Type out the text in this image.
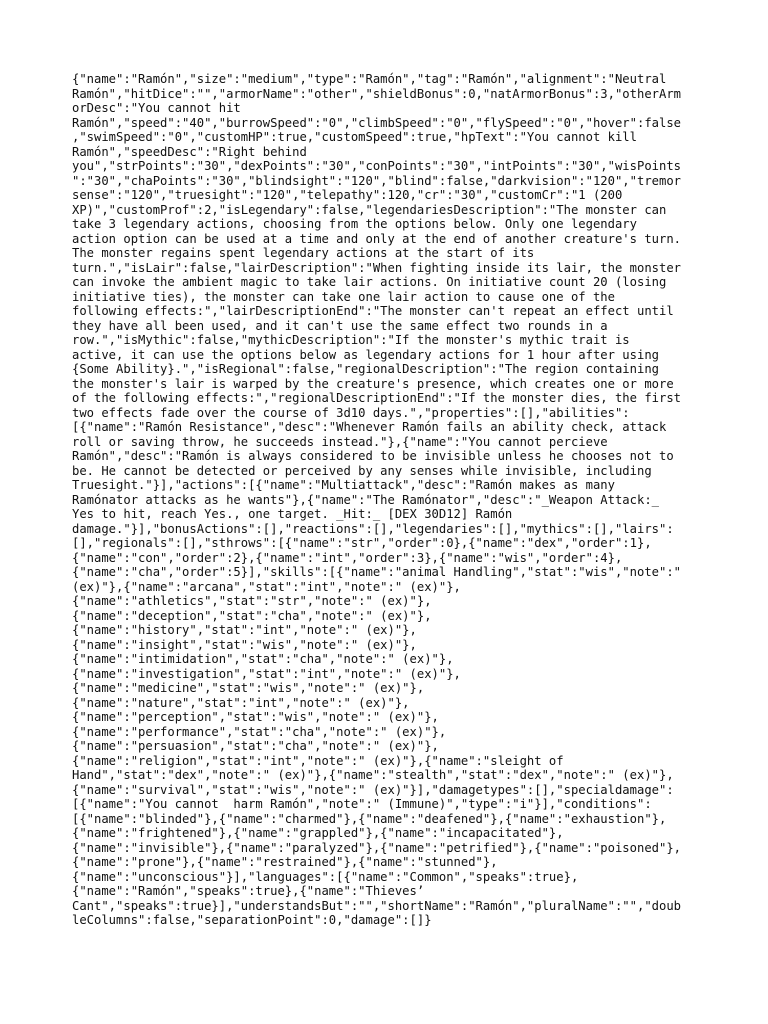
{"name":"Ramón","size":"medium","type":"Ramón","tag":"Ramón","alignment":"Neutral
Ramón","hitDice":"","armorName":"other","shieldBonus":0,"natArmorBonus":3,"otherArm
orDesc":"You cannot hit
Ramón","speed":"40","burrowSpeed":"0","climbSpeed":"0","flySpeed":"0","hover":false
,"swimSpeed":"0","customHP":true,"customSpeed":true,"hpText":"You cannot kill
Ramón","speedDesc":"Right behind
you","strPoints":"30","dexPoints":"30","conPoints":"30","intPoints":"30","wisPoints
":"30","chaPoints":"30","blindsight":"120","blind":false,"darkvision":"120","tremor
sense":"120","truesight":"120","telepathy":120,"cr":"30","customCr":"1 (200
XP)","customProf":2,"isLegendary":false,"legendariesDescription":"The monster can
take 3 legendary actions, choosing from the options below. Only one legendary
action option can be used at a time and only at the end of another creature's turn.
The monster regains spent legendary actions at the start of its
turn.","isLair":false,"lairDescription":"When fighting inside its lair, the monster
can invoke the ambient magic to take lair actions. On initiative count 20 (losing
initiative ties), the monster can take one lair action to cause one of the
following effects:","lairDescriptionEnd":"The monster can't repeat an effect until
they have all been used, and it can't use the same effect two rounds in a
row.","isMythic":false,"mythicDescription":"If the monster's mythic trait is
active, it can use the options below as legendary actions for 1 hour after using
{Some Ability}.","isRegional":false,"regionalDescription":"The region containing
the monster's lair is warped by the creature's presence, which creates one or more
of the following effects:","regionalDescriptionEnd":"If the monster dies, the first
two effects fade over the course of 3d10 days.","properties":[],"abilities":
[{"name":"Ramón Resistance","desc":"Whenever Ramón fails an ability check, attack
roll or saving throw, he succeeds instead."},{"name":"You cannot percieve
Ramón","desc":"Ramón is always considered to be invisible unless he chooses not to
be. He cannot be detected or perceived by any senses while invisible, including
Truesight."}],"actions":[{"name":"Multiattack","desc":"Ramón makes as many
Ramónator attacks as he wants"},{"name":"The Ramónator","desc":"_Weapon Attack:_
Yes to hit, reach Yes., one target. _Hit:_ [DEX 30D12] Ramón
damage."}],"bonusActions":[],"reactions":[],"legendaries":[],"mythics":[],"lairs":
[],"regionals":[],"sthrows":[{"name":"str","order":0},{"name":"dex","order":1},
{"name":"con","order":2},{"name":"int","order":3},{"name":"wis","order":4},
{"name":"cha","order":5}],"skills":[{"name":"animal Handling","stat":"wis","note":"
(ex)"},{"name":"arcana","stat":"int","note":" (ex)"},
{"name":"athletics","stat":"str","note":" (ex)"},
{"name":"deception","stat":"cha","note":" (ex)"},
{"name":"history","stat":"int","note":" (ex)"},
{"name":"insight","stat":"wis","note":" (ex)"},
{"name":"intimidation","stat":"cha","note":" (ex)"},
{"name":"investigation","stat":"int","note":" (ex)"},
{"name":"medicine","stat":"wis","note":" (ex)"},
{"name":"nature","stat":"int","note":" (ex)"},
{"name":"perception","stat":"wis","note":" (ex)"},
{"name":"performance","stat":"cha","note":" (ex)"},
{"name":"persuasion","stat":"cha","note":" (ex)"},
{"name":"religion","stat":"int","note":" (ex)"},{"name":"sleight of
Hand","stat":"dex","note":" (ex)"},{"name":"stealth","stat":"dex","note":" (ex)"},
{"name":"survival","stat":"wis","note":" (ex)"}],"damagetypes":[],"specialdamage":
[{"name":"You cannot  harm Ramón","note":" (Immune)","type":"i"}],"conditions":
[{"name":"blinded"},{"name":"charmed"},{"name":"deafened"},{"name":"exhaustion"},
{"name":"frightened"},{"name":"grappled"},{"name":"incapacitated"},
{"name":"invisible"},{"name":"paralyzed"},{"name":"petrified"},{"name":"poisoned"},
{"name":"prone"},{"name":"restrained"},{"name":"stunned"},
{"name":"unconscious"}],"languages":[{"name":"Common","speaks":true},
{"name":"Ramón","speaks":true},{"name":"Thieves’
Cant","speaks":true}],"understandsBut":"","shortName":"Ramón","pluralName":"","doub
leColumns":false,"separationPoint":0,"damage":[]}
